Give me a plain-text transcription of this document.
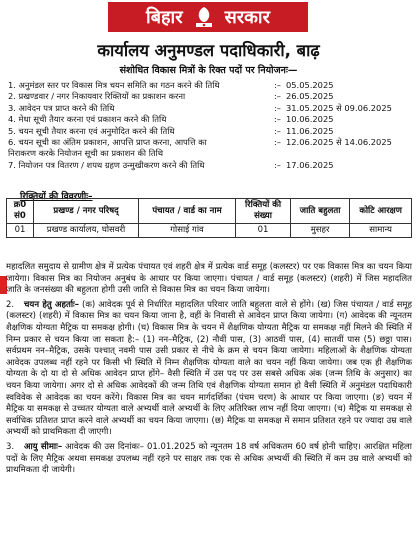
बिहार सरकार
कार्यालय अनुमण्डल पदाधिकारी, बाढ़
संशोधित विकास मित्रों के रिक्त पदों पर नियोजनः—
1. अनुमंडल स्तर पर विकास मित्र चयन समिति का गठन करने की तिथि	:– 05.05.2025
2. प्रखण्डवार / नगर निकायवार रिक्तियों का प्रकाशन करना	:– 26.05.2025
3. आवेदन पत्र प्राप्त करने की तिथि	:– 31.05.2025 से 09.06.2025
4. मेधा सूची तैयार करना एवं प्रकाशन करने की तिथि	:– 10.06.2025
5. चयन सूची तैयार करना एवं अनुमोदित करने की तिथि	:– 11.06.2025
6. चयन सूची का अंतिम प्रकाशन, आपत्ति प्राप्त करना, आपत्ति का	:– 12.06.2025 से 14.06.2025
निराकरण करके नियोजन सूची का प्रकाशन की तिथि
7. नियोजन पत्र वितरण / शपथ ग्रहण उन्मुखीकरण करने की तिथि	:– 17.06.2025
रिक्तियों की विवरणीः–
क्र0 सं0	प्रखण्ड / नगर परिषद्	पंचायत / वार्ड का नाम	रिक्तियों की संख्या	जाति बहुलता	कोटि आरक्षण
01	प्रखण्ड कार्यालय, घोसवरी	गोसाई गांव	01	मुसहर	सामान्य

महादलित समुदाय से ग्रामीण क्षेत्र में प्रत्येक पंचायत एवं शहरी क्षेत्र में प्रत्येक वार्ड समूह (कलस्टर) पर एक विकास मित्र का चयन किया जायेगा। विकास मित्र का नियोजन अनुबंध के आधार पर किया जाएगा। पंचायत / वार्ड समूह (कलस्टर) (शहरी) में जिस महादलित जाति के जनसंख्या की बहुलता होगी उसी जाति से विकास मित्र का चयन किया जायेगा।

2. चयन हेतु अहर्ताः– (क) आवेदक पूर्व से निर्धारित महादलित परिवार जाति बहुलता वाले से होंगे। (ख) जिस पंचायत / वार्ड समूह (कलस्टर) (शहरी) में विकास मित्र का चयन किया जाना है, वहीं के निवासी से आवेदन प्राप्त किया जायेगा। (ग) आवेदक की न्यूनतम शैक्षणिक योग्यता मैट्रिक या समकक्ष होगी। (घ) विकास मित्र के चयन में शैक्षणिक योग्यता मैट्रिक या समकक्ष नहीं मिलने की स्थिति में निम्न प्रकार से चयन किया जा सकता है:– (1) नन–मैट्रिक, (2) नौवीं पास, (3) आठवीं पास, (4) सातवीं पास (5) छठ्ठा पास। सर्वप्रथम नन–मैट्रिक, उसके पश्चात् नवमी पास उसी प्रकार से नीचे के क्रम से चयन किया जायेगा। महिलाओं के शैक्षणिक योग्यता आवेदक उपलब्ध नहीं रहने पर किसी भी स्थिति में निम्न शैक्षणिक योग्यता वाले का चयन नहीं किया जायेगा। जब एक ही शैक्षणिक योग्यता के दो या दो से अधिक आवेदन प्राप्त होंगे– वैसी स्थिति में उस पद पर उस सबसे अधिक अंक (जन्म तिथि के अनुसार) का चयन किया जायेगा। अगर दो से अधिक आवेदकों की जन्म तिथि एवं शैक्षणिक योग्यता समान हो वैसी स्थिति में अनुमंडल पदाधिकारी स्वविवेक से आवेदक का चयन करेंगे। विकास मित्र का चयन मार्गदर्शिका (पंचम चरण) के आधार पर किया जाएगा। (ङ) चयन में मैट्रिक या समकक्ष से उच्चतर योग्यता वाले अभ्यर्थी वाले अभ्यर्थी के लिए अतिरिक्त लाभ नहीं दिया जाएगा। (च) मैट्रिक या समकक्ष से सर्वाधिक प्रतिशत प्राप्त करने वाले अभ्यर्थी का चयन किया जाएगा। (छ) मैट्रिक या समकक्ष में समान प्रतिशत रहने पर ज्यादा उम्र वाले अभ्यर्थी को प्राथमिकता दी जाएगी।

3. आयु सीमाः– आवेदक की उस दिनांकः– 01.01.2025 को न्यूनतम 18 वर्ष अधिकतम 60 वर्ष होनी चाहिए। आरक्षित महिला पदों के लिए मैट्रिक अथवा समकक्ष उपलब्ध नहीं रहने पर साक्षर तक एक से अधिक अभ्यर्थी की स्थिति में कम उम्र वाले अभ्यर्थी को प्राथमिकता दी जायेगी।
